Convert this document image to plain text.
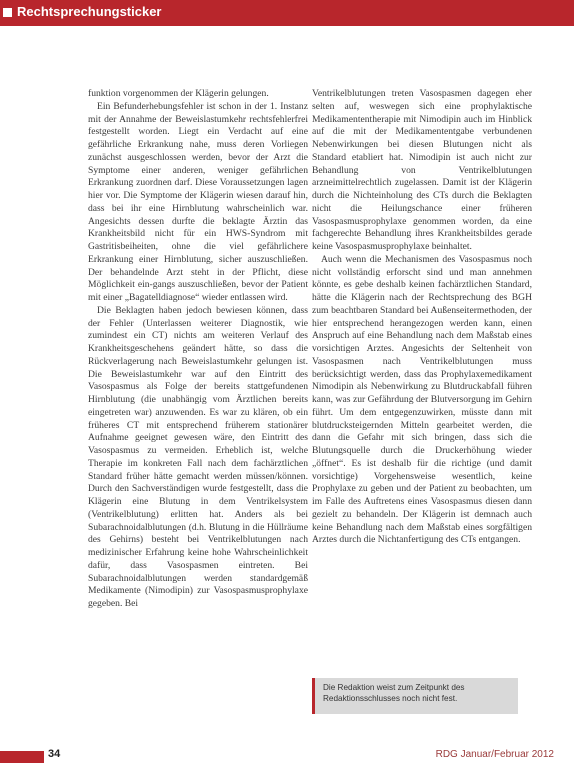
Rechtsprechungsticker

funktion vorgenommen der Klägerin gelungen.

Ein Befunderhebungsfehler ist schon in der 1. Instanz mit der Annahme der Beweislastumkehr rechtsfehlerfrei festgestellt worden. Liegt ein Verdacht auf eine gefährliche Erkrankung nahe, muss deren Vorliegen zunächst ausgeschlossen werden, bevor der Arzt die Symptome einer anderen, weniger gefährlichen Erkrankung zuordnen darf. Diese Voraussetzungen lagen hier vor. Die Symptome der Klägerin wiesen darauf hin, dass bei ihr eine Hirnblutung wahrscheinlich war. Angesichts dessen durfte die beklagte Ärztin das Krankheitsbild nicht für ein HWS-Syndrom mit Gastritisbeiheiten, ohne die viel gefährlichere Erkrankung einer Hirnblutung, sicher auszuschließen. Der behandelnde Arzt steht in der Pflicht, diese Möglichkeit ein-gangs auszuschließen, bevor der Patient mit einer „Bagatelldiagnose“ wieder entlassen wird.

Die Beklagten haben jedoch bewiesen können, dass der Fehler (Unterlassen weiterer Diagnostik, wie zumindest ein CT) nichts am weiteren Verlauf des Krankheitsgeschehens geändert hätte, so dass die Rückverlagerung nach Beweislastumkehr gelungen ist. Die Beweislastumkehr war auf den Eintritt des Vasospasmus als Folge der bereits stattgefundenen Hirnblutung (die unabhängig vom Ärztlichen bereits eingetreten war) anzuwenden. Es war zu klären, ob ein früheres CT mit entsprechend früherem stationärer Aufnahme geeignet gewesen wäre, den Eintritt des Vasospasmus zu vermeiden. Erheblich ist, welche Therapie im konkreten Fall nach dem fachärztlichen Standard früher hätte gemacht werden müssen/können. Durch den Sachverständigen wurde festgestellt, dass die Klägerin eine Blutung in dem Ventrikelsystem (Ventrikelblutung) erlitten hat. Anders als bei Subarachnoidalblutungen (d.h. Blutung in die Hüllräume des Gehirns) besteht bei Ventrikelblutungen nach medizinischer Erfahrung keine hohe Wahrscheinlichkeit dafür, dass Vasospasmen eintreten. Bei Subarachnoidalblutungen werden standardgemäß Medikamente (Nimodipin) zur Vasospasmusprophylaxe gegeben. Bei

Ventrikelblutungen treten Vasospasmen dagegen eher selten auf, weswegen sich eine prophylaktische Medikamententherapie mit Nimodipin auch im Hinblick auf die mit der Medikamententgabe verbundenen Nebenwirkungen bei diesen Blutungen nicht als Standard etabliert hat. Nimodipin ist auch nicht zur Behandlung von Ventrikelblutungen arzneimittelrechtlich zugelassen. Damit ist der Klägerin durch die Nichteinholung des CTs durch die Beklagten nicht die Heilungschance einer früheren Vasospasmusprophylaxe genommen worden, da eine fachgerechte Behandlung ihres Krankheitsbildes gerade keine Vasospasmusprophylaxe beinhaltet.

Auch wenn die Mechanismen des Vasospasmus noch nicht vollständig erforscht sind und man annehmen könnte, es gebe deshalb keinen fachärztlichen Standard, hätte die Klägerin nach der Rechtsprechung des BGH zum beachtbaren Standard bei Außenseitermethoden, der hier entsprechend herangezogen werden kann, einen Anspruch auf eine Behandlung nach dem Maßstab eines vorsichtigen Arztes. Angesichts der Seltenheit von Vasospasmen nach Ventrikelblutungen muss berücksichtigt werden, dass das Prophylaxemedikament Nimodipin als Nebenwirkung zu Blutdruckabfall führen kann, was zur Gefährdung der Blutversorgung im Gehirn führt. Um dem entgegenzuwirken, müsste dann mit blutdrucksteigernden Mitteln gearbeitet werden, die dann die Gefahr mit sich bringen, dass sich die Blutungsquelle durch die Druckerhöhung wieder „öffnet“. Es ist deshalb für die richtige (und damit vorsichtige) Vorgehensweise wesentlich, keine Prophylaxe zu geben und der Patient zu beobachten, um im Falle des Auftretens eines Vasospasmus diesen dann gezielt zu behandeln. Der Klägerin ist demnach auch keine Behandlung nach dem Maßstab eines sorgfältigen Arztes durch die Nichtanfertigung des CTs entgangen.

Die Redaktion weist zum Zeitpunkt des Redaktionsschlusses noch nicht fest.
34	RDG Januar/Februar 2012
